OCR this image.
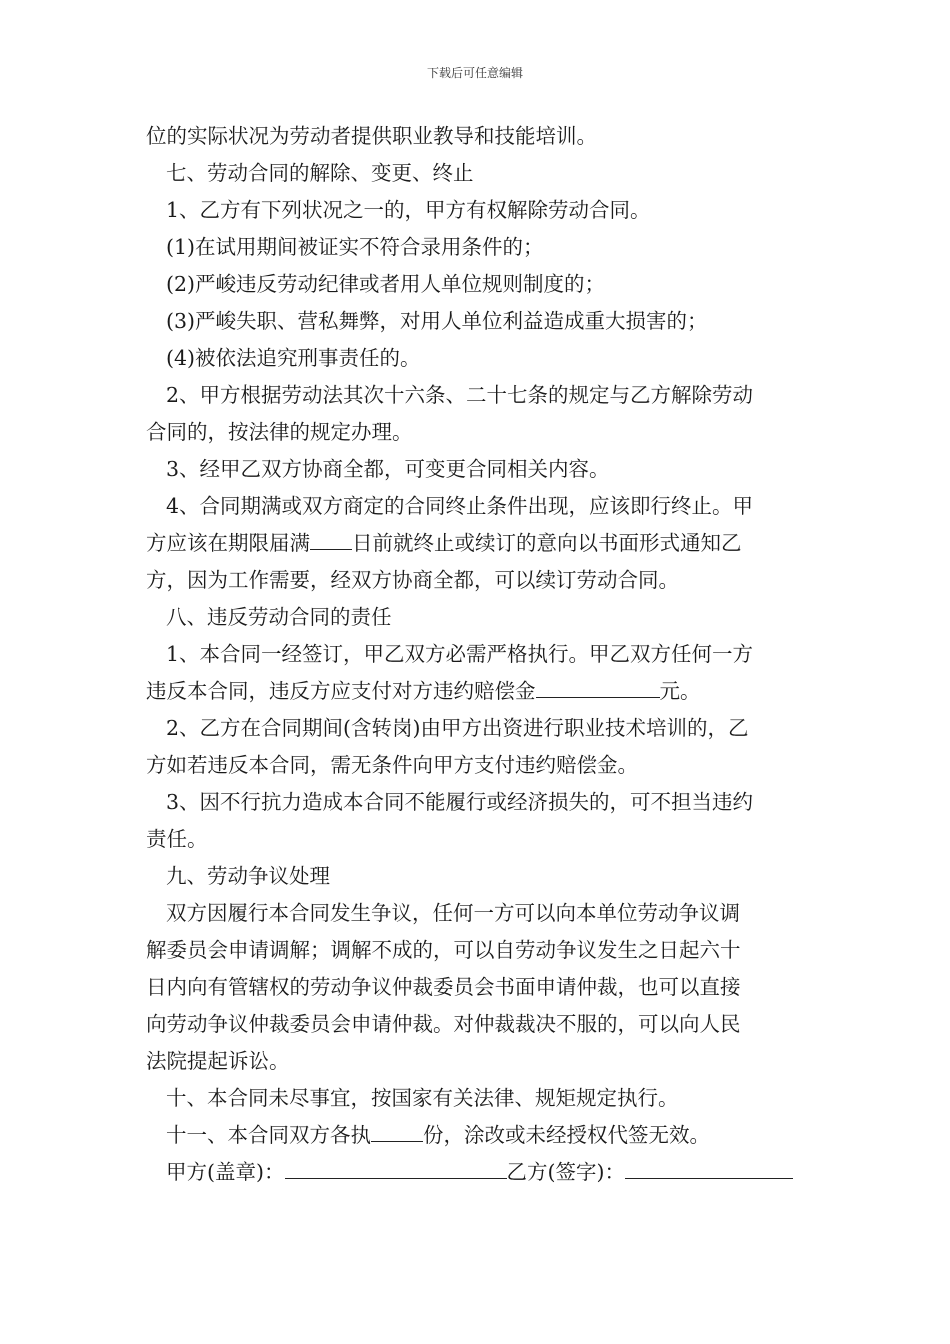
下载后可任意编辑
位的实际状况为劳动者提供职业教导和技能培训。
七、劳动合同的解除、变更、终止
1、乙方有下列状况之一的，甲方有权解除劳动合同。
(1)在试用期间被证实不符合录用条件的；
(2)严峻违反劳动纪律或者用人单位规则制度的；
(3)严峻失职、营私舞弊，对用人单位利益造成重大损害的；
(4)被依法追究刑事责任的。
2、甲方根据劳动法其次十六条、二十七条的规定与乙方解除劳动
合同的，按法律的规定办理。
3、经甲乙双方协商全都，可变更合同相关内容。
4、合同期满或双方商定的合同终止条件出现，应该即行终止。甲
方应该在期限届满 日前就终止或续订的意向以书面形式通知乙
方，因为工作需要，经双方协商全都，可以续订劳动合同。
八、违反劳动合同的责任
1、本合同一经签订，甲乙双方必需严格执行。甲乙双方任何一方
违反本合同，违反方应支付对方违约赔偿金	元。
2、乙方在合同期间(含转岗)由甲方出资进行职业技术培训的，乙
方如若违反本合同，需无条件向甲方支付违约赔偿金。
3、因不行抗力造成本合同不能履行或经济损失的，可不担当违约
责任。
九、劳动争议处理
双方因履行本合同发生争议，任何一方可以向本单位劳动争议调
解委员会申请调解；调解不成的，可以自劳动争议发生之日起六十
日内向有管辖权的劳动争议仲裁委员会书面申请仲裁，也可以直接
向劳动争议仲裁委员会申请仲裁。对仲裁裁决不服的，可以向人民
法院提起诉讼。
十、本合同未尽事宜，按国家有关法律、规矩规定执行。
十一、本合同双方各执	份，涂改或未经授权代签无效。
甲方(盖章)：	乙方(签字)：
